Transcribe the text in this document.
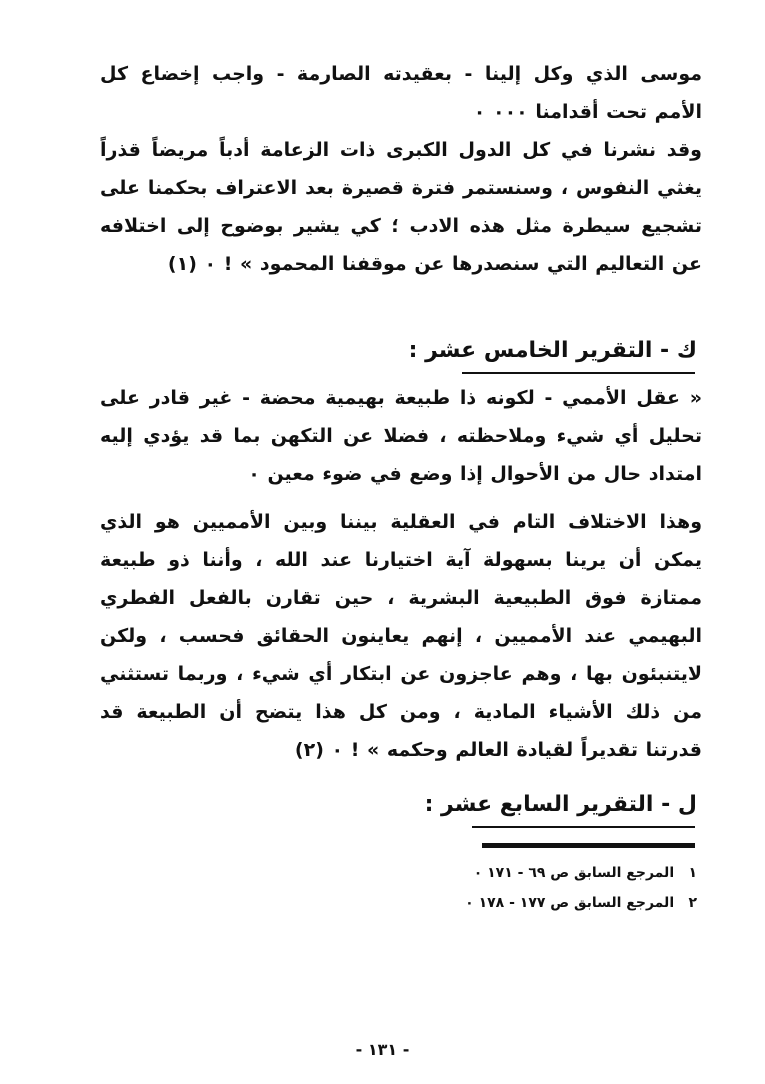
موسى الذي وكل إلينا - بعقيدته الصارمة - واجب إخضاع كل الأمم تحت أقدامنا ٠٠٠ ٠

وقد نشرنا في كل الدول الكبرى ذات الزعامة أدباً مريضاً قذراً يغثي النفوس ، وسنستمر فترة قصيرة بعد الاعتراف بحكمنا على تشجيع سيطرة مثل هذه الادب ؛ كي يشير بوضوح إلى اختلافه عن التعاليم التي سنصدرها عن موقفنا المحمود » ! ٠ (١)

ك - التقرير الخامس عشر :

« عقل الأممي - لكونه ذا طبيعة بهيمية محضة - غير قادر على تحليل أي شيء وملاحظته ، فضلا عن التكهن بما قد يؤدي إليه امتداد حال من الأحوال إذا وضع في ضوء معين ٠

وهذا الاختلاف التام في العقلية بيننا وبين الأمميين هو الذي يمكن أن يرينا بسهولة آية اختيارنا عند الله ، وأننا ذو طبيعة ممتازة فوق الطبيعية البشرية ، حين تقارن بالفعل الفطري البهيمي عند الأمميين ، إنهم يعاينون الحقائق فحسب ، ولكن لايتنبئون بها ، وهم عاجزون عن ابتكار أي شيء ، وربما تستثني من ذلك الأشياء المادية ، ومن كل هذا يتضح أن الطبيعة قد قدرتنا تقديراً لقيادة العالم وحكمه » ! ٠ (٢)

ل - التقرير السابع عشر :
١ المرجع السابق ص ٦٩ - ١٧١ ٠
٢ المرجع السابق ص ١٧٧ - ١٧٨ ٠
- ١٣١ -
